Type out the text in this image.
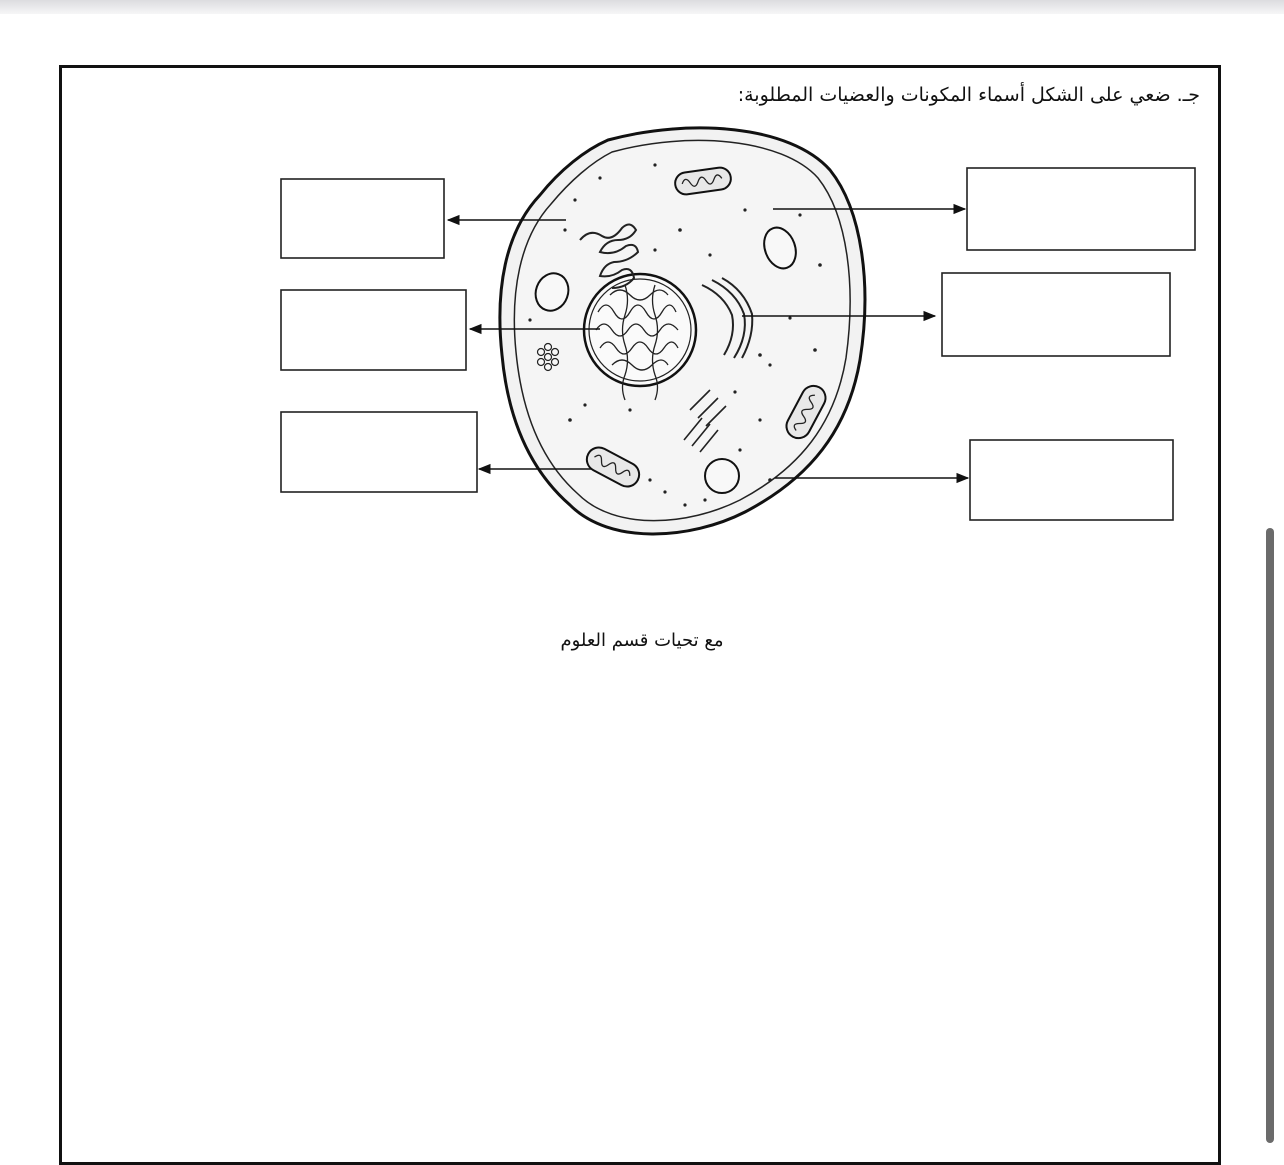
جـ. ضعي على الشكل أسماء المكونات والعضيات المطلوبة:
مع تحيات قسم العلوم
